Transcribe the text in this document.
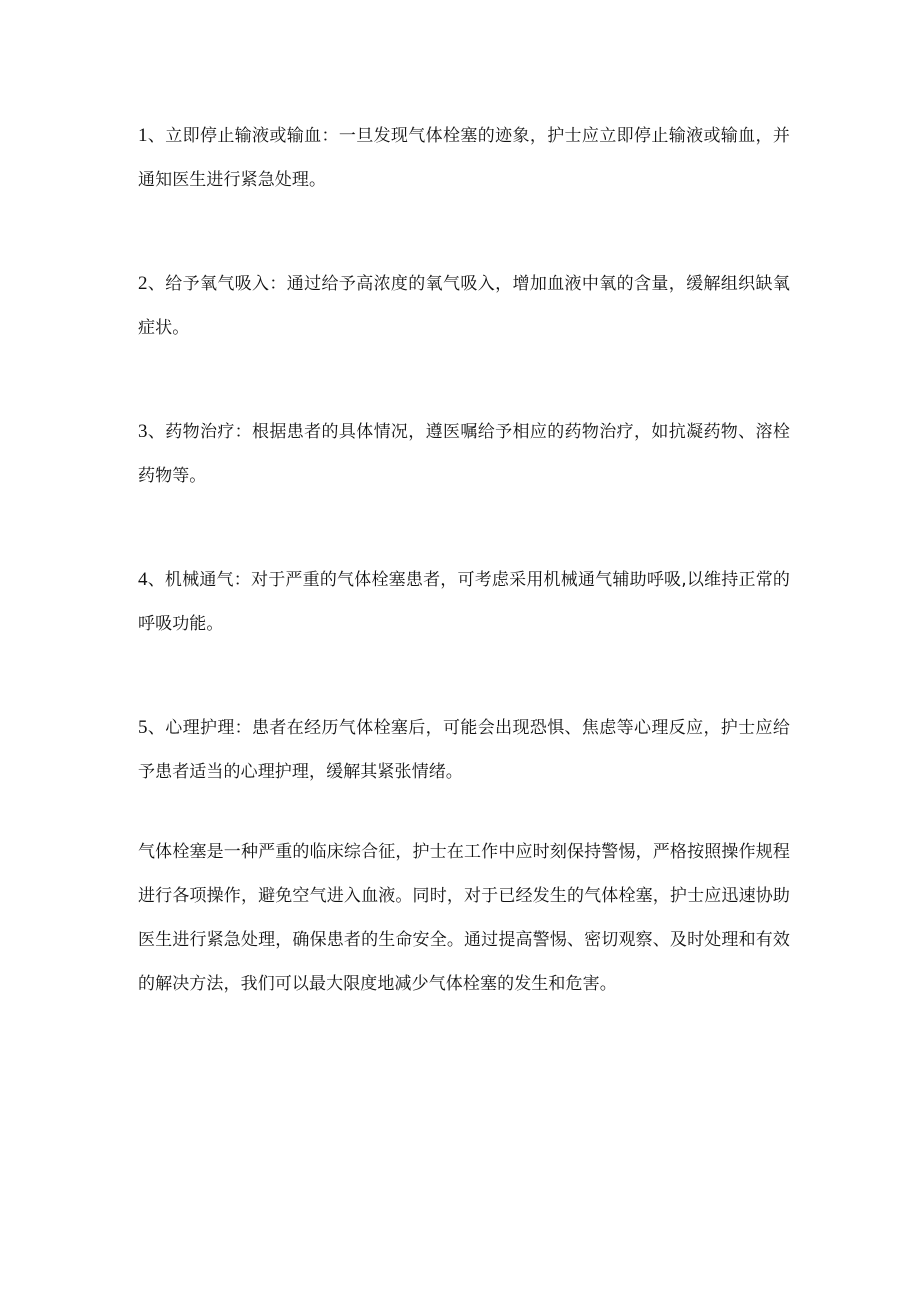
1、立即停止输液或输血：一旦发现气体栓塞的迹象，护士应立即停止输液或输血，并通知医生进行紧急处理。

2、给予氧气吸入：通过给予高浓度的氧气吸入，增加血液中氧的含量，缓解组织缺氧症状。

3、药物治疗：根据患者的具体情况，遵医嘱给予相应的药物治疗，如抗凝药物、溶栓药物等。

4、机械通气：对于严重的气体栓塞患者，可考虑采用机械通气辅助呼吸,以维持正常的呼吸功能。

5、心理护理：患者在经历气体栓塞后，可能会出现恐惧、焦虑等心理反应，护士应给予患者适当的心理护理，缓解其紧张情绪。

气体栓塞是一种严重的临床综合征，护士在工作中应时刻保持警惕，严格按照操作规程进行各项操作，避免空气进入血液。同时，对于已经发生的气体栓塞，护士应迅速协助医生进行紧急处理，确保患者的生命安全。通过提高警惕、密切观察、及时处理和有效的解决方法，我们可以最大限度地减少气体栓塞的发生和危害。
